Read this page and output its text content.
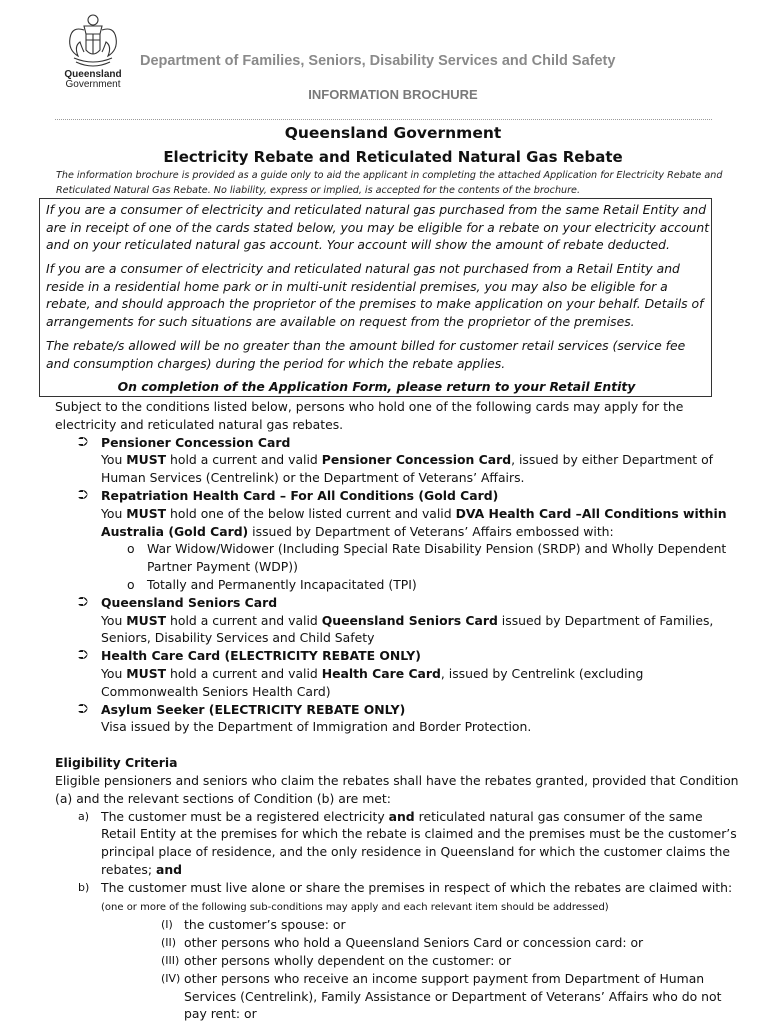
Queensland
Government
Department of Families, Seniors, Disability Services and Child Safety
INFORMATION BROCHURE
Queensland Government
Electricity Rebate and Reticulated Natural Gas Rebate
The information brochure is provided as a guide only to aid the applicant in completing the attached Application for Electricity Rebate and Reticulated Natural Gas Rebate. No liability, express or implied, is accepted for the contents of the brochure.

If you are a consumer of electricity and reticulated natural gas purchased from the same Retail Entity and are in receipt of one of the cards stated below, you may be eligible for a rebate on your electricity account and on your reticulated natural gas account. Your account will show the amount of rebate deducted.

If you are a consumer of electricity and reticulated natural gas not purchased from a Retail Entity and reside in a residential home park or in multi-unit residential premises, you may also be eligible for a rebate, and should approach the proprietor of the premises to make application on your behalf. Details of arrangements for such situations are available on request from the proprietor of the premises.

The rebate/s allowed will be no greater than the amount billed for customer retail services (service fee and consumption charges) during the period for which the rebate applies.

On completion of the Application Form, please return to your Retail Entity

Subject to the conditions listed below, persons who hold one of the following cards may apply for the electricity and reticulated natural gas rebates.

⮊ Pensioner Concession Card
You MUST hold a current and valid Pensioner Concession Card, issued by either Department of Human Services (Centrelink) or the Department of Veterans’ Affairs.
⮊ Repatriation Health Card – For All Conditions (Gold Card)
You MUST hold one of the below listed current and valid DVA Health Card –All Conditions within Australia (Gold Card) issued by Department of Veterans’ Affairs embossed with:
o War Widow/Widower (Including Special Rate Disability Pension (SRDP) and Wholly Dependent Partner Payment (WDP))
o Totally and Permanently Incapacitated (TPI)
⮊ Queensland Seniors Card
You MUST hold a current and valid Queensland Seniors Card issued by Department of Families, Seniors, Disability Services and Child Safety
⮊ Health Care Card (ELECTRICITY REBATE ONLY)
You MUST hold a current and valid Health Care Card, issued by Centrelink (excluding Commonwealth Seniors Health Card)
⮊ Asylum Seeker (ELECTRICITY REBATE ONLY)
Visa issued by the Department of Immigration and Border Protection.

Eligibility Criteria

Eligible pensioners and seniors who claim the rebates shall have the rebates granted, provided that Condition (a) and the relevant sections of Condition (b) are met:

a) The customer must be a registered electricity and reticulated natural gas consumer of the same Retail Entity at the premises for which the rebate is claimed and the premises must be the customer’s principal place of residence, and the only residence in Queensland for which the customer claims the rebates; and
b) The customer must live alone or share the premises in respect of which the rebates are claimed with: (one or more of the following sub-conditions may apply and each relevant item should be addressed)
(I) the customer’s spouse: or
(II) other persons who hold a Queensland Seniors Card or concession card: or
(III) other persons wholly dependent on the customer: or
(IV) other persons who receive an income support payment from Department of Human Services (Centrelink), Family Assistance or Department of Veterans’ Affairs who do not pay rent: or
